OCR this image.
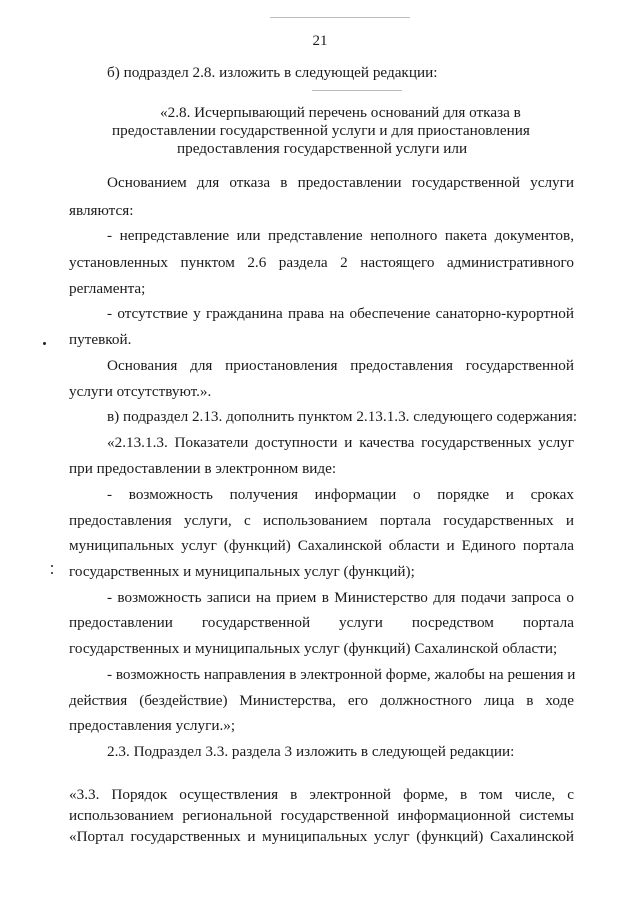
21

б) подраздел 2.8. изложить в следующей редакции:

«2.8. Исчерпывающий перечень оснований для отказа в

предоставлении государственной услуги и для приостановления

предоставления государственной услуги или

Основанием для отказа в предоставлении государственной услуги

являются:

- непредставление или представление неполного пакета документов,

установленных пунктом 2.6 раздела 2 настоящего административного

регламента;

- отсутствие у гражданина права на обеспечение санаторно-курортной

путевкой.

Основания для приостановления предоставления государственной

услуги отсутствуют.».

в) подраздел 2.13. дополнить пунктом 2.13.1.3. следующего содержания:

«2.13.1.3. Показатели доступности и качества государственных услуг

при предоставлении в электронном виде:

- возможность получения информации о порядке и сроках

предоставления услуги, с использованием портала государственных и

муниципальных услуг (функций) Сахалинской области и Единого портала

государственных и муниципальных услуг (функций);

- возможность записи на прием в Министерство для подачи запроса о

предоставлении государственной услуги посредством портала

государственных и муниципальных услуг (функций) Сахалинской области;

- возможность направления в электронной форме, жалобы на решения и

действия (бездействие) Министерства, его должностного лица в ходе

предоставления услуги.»;

2.3. Подраздел 3.3. раздела 3 изложить в следующей редакции:

«3.3. Порядок осуществления в электронной форме, в том числе, с

использованием региональной государственной информационной системы

«Портал государственных и муниципальных услуг (функций) Сахалинской
